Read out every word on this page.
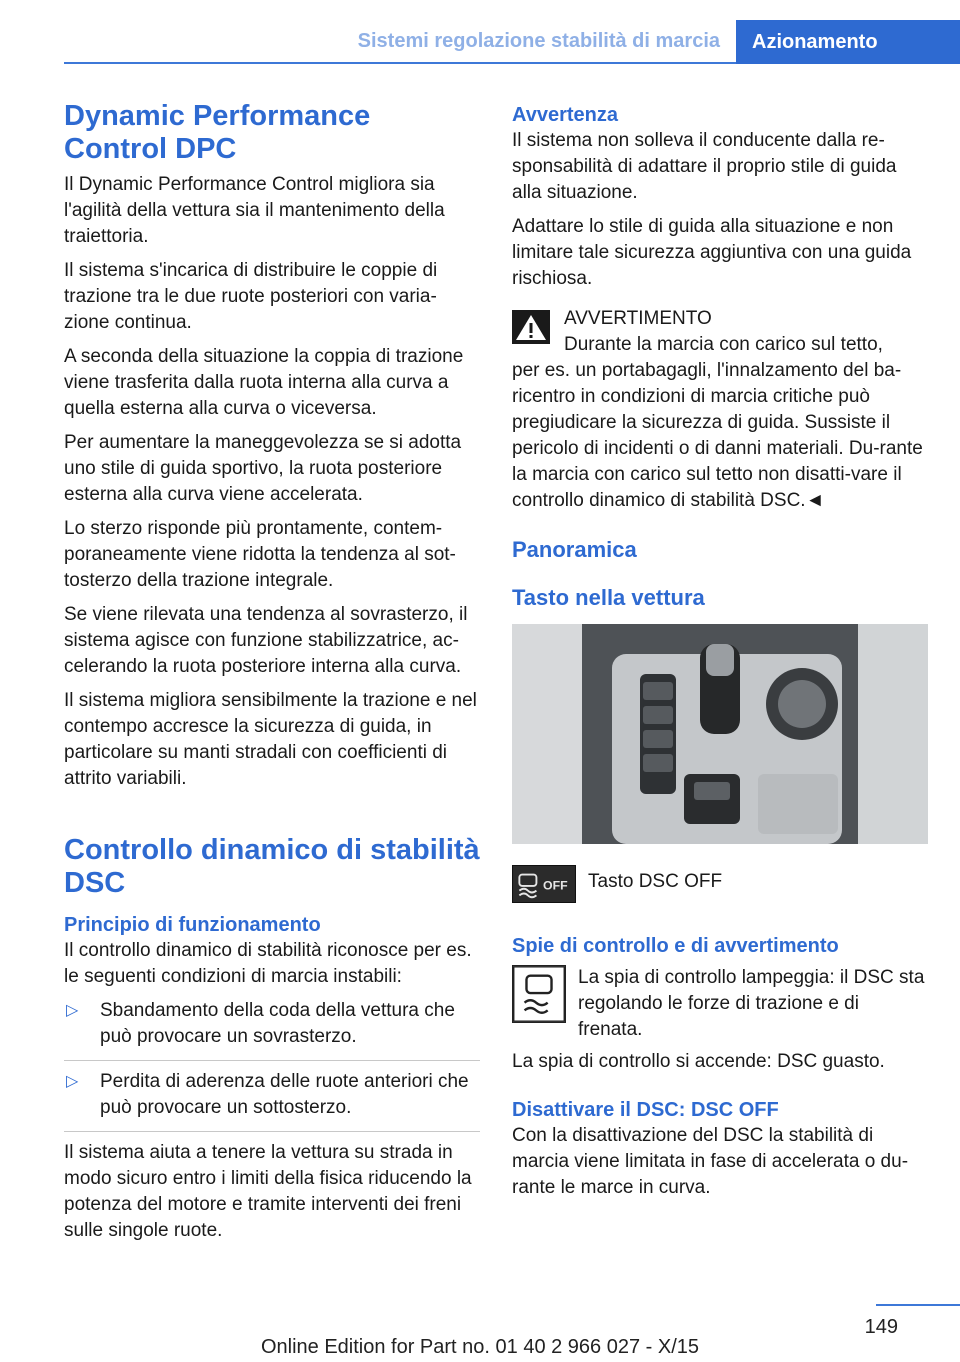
Sistemi regolazione stabilità di marcia	Azionamento
Dynamic Performance Control DPC

Il Dynamic Performance Control migliora sia l'agilità della vettura sia il mantenimento della traiettoria.

Il sistema s'incarica di distribuire le coppie di trazione tra le due ruote posteriori con varia‐zione continua.

A seconda della situazione la coppia di trazione viene trasferita dalla ruota interna alla curva a quella esterna alla curva o viceversa.

Per aumentare la maneggevolezza se si adotta uno stile di guida sportivo, la ruota posteriore esterna alla curva viene accelerata.

Lo sterzo risponde più prontamente, contem‐poraneamente viene ridotta la tendenza al sot‐tosterzo della trazione integrale.

Se viene rilevata una tendenza al sovrasterzo, il sistema agisce con funzione stabilizzatrice, ac‐celerando la ruota posteriore interna alla curva.

Il sistema migliora sensibilmente la trazione e nel contempo accresce la sicurezza di guida, in particolare su manti stradali con coefficienti di attrito variabili.

Controllo dinamico di stabilità DSC
Principio di funzionamento

Il controllo dinamico di stabilità riconosce per es. le seguenti condizioni di marcia instabili:

▷ Sbandamento della coda della vettura che può provocare un sovrasterzo.
▷ Perdita di aderenza delle ruote anteriori che può provocare un sottosterzo.

Il sistema aiuta a tenere la vettura su strada in modo sicuro entro i limiti della fisica riducendo la potenza del motore e tramite interventi dei freni sulle singole ruote.

Avvertenza

Il sistema non solleva il conducente dalla re‐sponsabilità di adattare il proprio stile di guida alla situazione.

Adattare lo stile di guida alla situazione e non limitare tale sicurezza aggiuntiva con una guida rischiosa.

AVVERTIMENTO

Durante la marcia con carico sul tetto,

per es. un portabagagli, l'innalzamento del ba‐ricentro in condizioni di marcia critiche può pregiudicare la sicurezza di guida. Sussiste il pericolo di incidenti o di danni materiali. Du‐rante la marcia con carico sul tetto non disatti‐vare il controllo dinamico di stabilità DSC.◄

Panoramica
Tasto nella vettura
OFF	Tasto DSC OFF

Spie di controllo e di avvertimento

La spia di controllo lampeggia: il DSC sta regolando le forze di trazione e di frenata.

La spia di controllo si accende: DSC guasto.

Disattivare il DSC: DSC OFF

Con la disattivazione del DSC la stabilità di marcia viene limitata in fase di accelerata o du‐rante le marce in curva.

149
Online Edition for Part no. 01 40 2 966 027 - X/15
